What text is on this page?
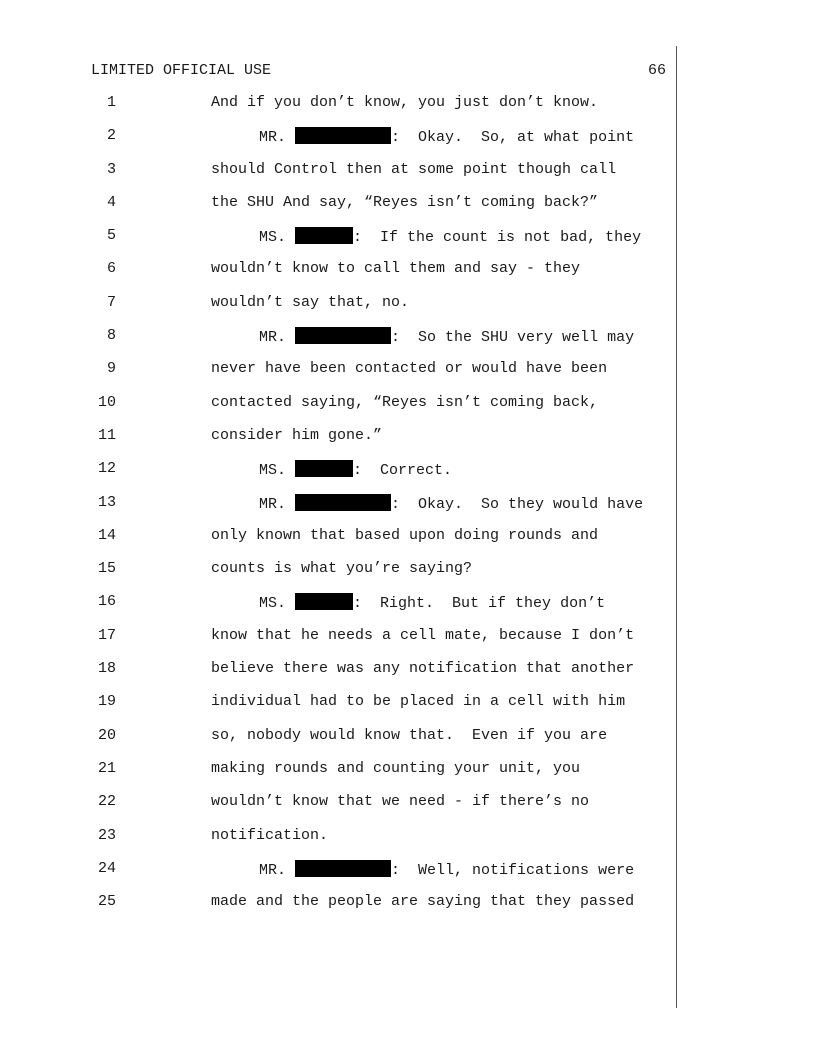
LIMITED OFFICIAL USE	66
1	And if you don’t know, you just don’t know.
2	MR.	:  Okay.  So, at what point
3	should Control then at some point though call
4	the SHU And say, “Reyes isn’t coming back?”
5	MS.	:  If the count is not bad, they
6	wouldn’t know to call them and say - they
7	wouldn’t say that, no.
8	MR.	:  So the SHU very well may
9	never have been contacted or would have been
10	contacted saying, “Reyes isn’t coming back,
11	consider him gone.”
12	MS.	:  Correct.
13	MR.	:  Okay.  So they would have
14	only known that based upon doing rounds and
15	counts is what you’re saying?
16	MS.	:  Right.  But if they don’t
17	know that he needs a cell mate, because I don’t
18	believe there was any notification that another
19	individual had to be placed in a cell with him
20	so, nobody would know that.  Even if you are
21	making rounds and counting your unit, you
22	wouldn’t know that we need - if there’s no
23	notification.
24	MR.	:  Well, notifications were
25	made and the people are saying that they passed
